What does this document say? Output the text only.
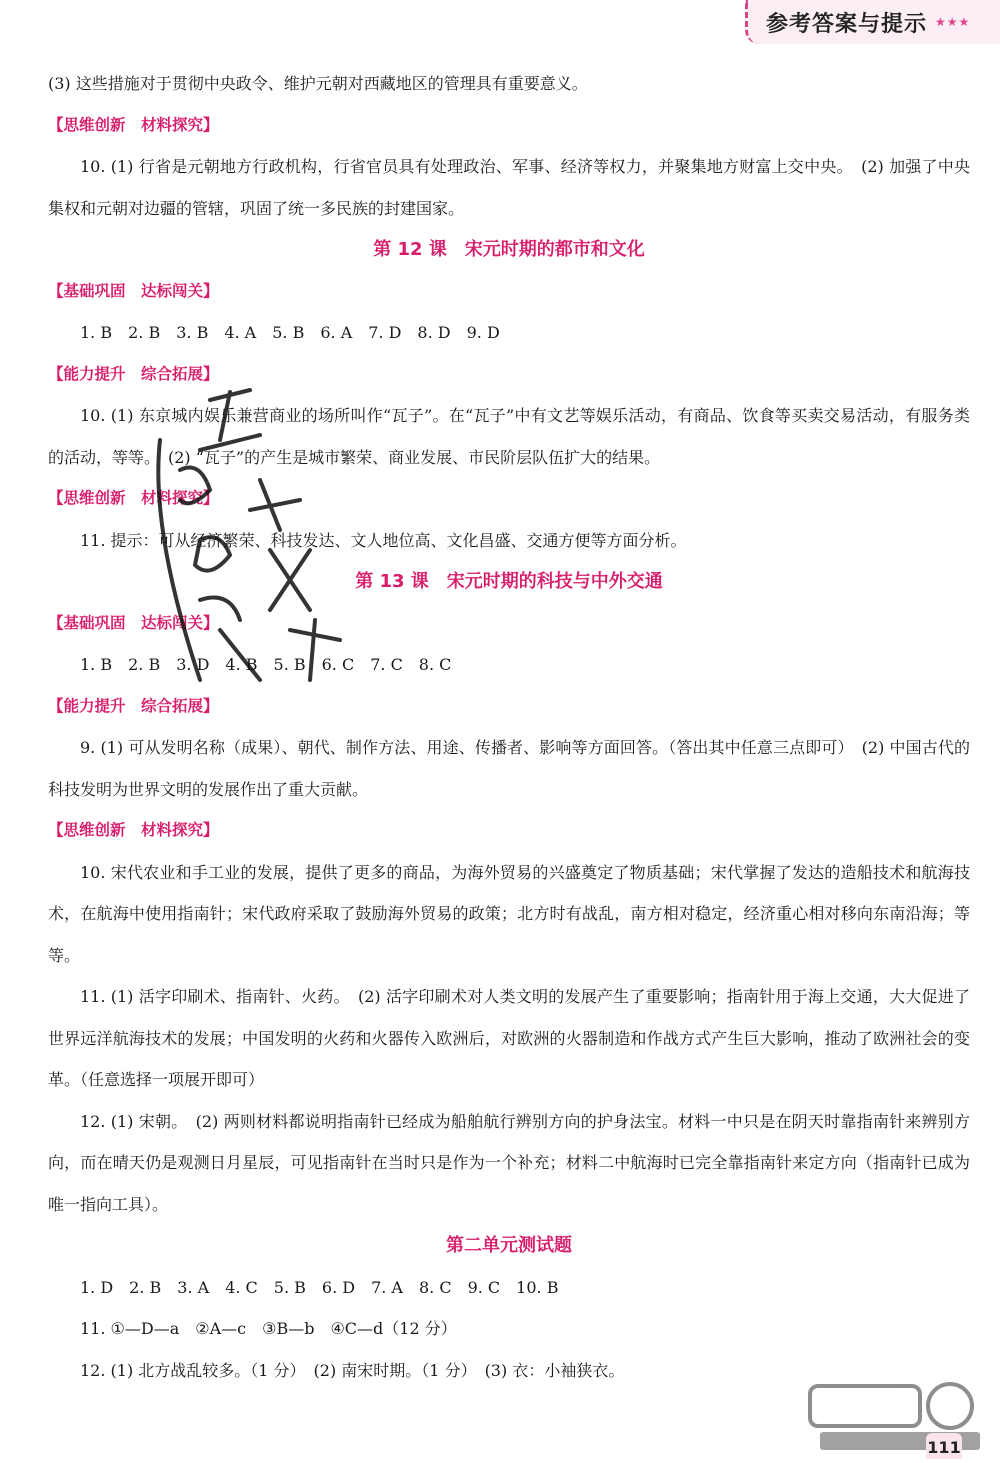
参考答案与提示 ★★★
(3) 这些措施对于贯彻中央政令、维护元朝对西藏地区的管理具有重要意义。
【思维创新　材料探究】
10. (1) 行省是元朝地方行政机构，行省官员具有处理政治、军事、经济等权力，并聚集地方财富上交中央。　(2) 加强了中央集权和元朝对边疆的管辖，巩固了统一多民族的封建国家。
第 12 课　宋元时期的都市和文化
【基础巩固　达标闯关】
1. B　2. B　3. B　4. A　5. B　6. A　7. D　8. D　9. D
【能力提升　综合拓展】
10. (1) 东京城内娱乐兼营商业的场所叫作“瓦子”。在“瓦子”中有文艺等娱乐活动，有商品、饮食等买卖交易活动，有服务类的活动，等等。　(2) “瓦子”的产生是城市繁荣、商业发展、市民阶层队伍扩大的结果。
【思维创新　材料探究】
11. 提示：可从经济繁荣、科技发达、文人地位高、文化昌盛、交通方便等方面分析。
第 13 课　宋元时期的科技与中外交通
【基础巩固　达标闯关】
1. B　2. B　3. D　4. B　5. B　6. C　7. C　8. C
【能力提升　综合拓展】
9. (1) 可从发明名称（成果）、朝代、制作方法、用途、传播者、影响等方面回答。（答出其中任意三点即可）　(2) 中国古代的科技发明为世界文明的发展作出了重大贡献。
【思维创新　材料探究】
10. 宋代农业和手工业的发展，提供了更多的商品，为海外贸易的兴盛奠定了物质基础；宋代掌握了发达的造船技术和航海技术，在航海中使用指南针；宋代政府采取了鼓励海外贸易的政策；北方时有战乱，南方相对稳定，经济重心相对移向东南沿海；等等。
11. (1) 活字印刷术、指南针、火药。　(2) 活字印刷术对人类文明的发展产生了重要影响；指南针用于海上交通，大大促进了世界远洋航海技术的发展；中国发明的火药和火器传入欧洲后，对欧洲的火器制造和作战方式产生巨大影响，推动了欧洲社会的变革。（任意选择一项展开即可）
12. (1) 宋朝。　(2) 两则材料都说明指南针已经成为船舶航行辨别方向的护身法宝。材料一中只是在阴天时靠指南针来辨别方向，而在晴天仍是观测日月星辰，可见指南针在当时只是作为一个补充；材料二中航海时已完全靠指南针来定方向（指南针已成为唯一指向工具）。
第二单元测试题
1. D　2. B　3. A　4. C　5. B　6. D　7. A　8. C　9. C　10. B
11. ①—D—a　②A—c　③B—b　④C—d（12 分）
12. (1) 北方战乱较多。（1 分）　(2) 南宋时期。（1 分）　(3) 衣：小袖狭衣。
111
